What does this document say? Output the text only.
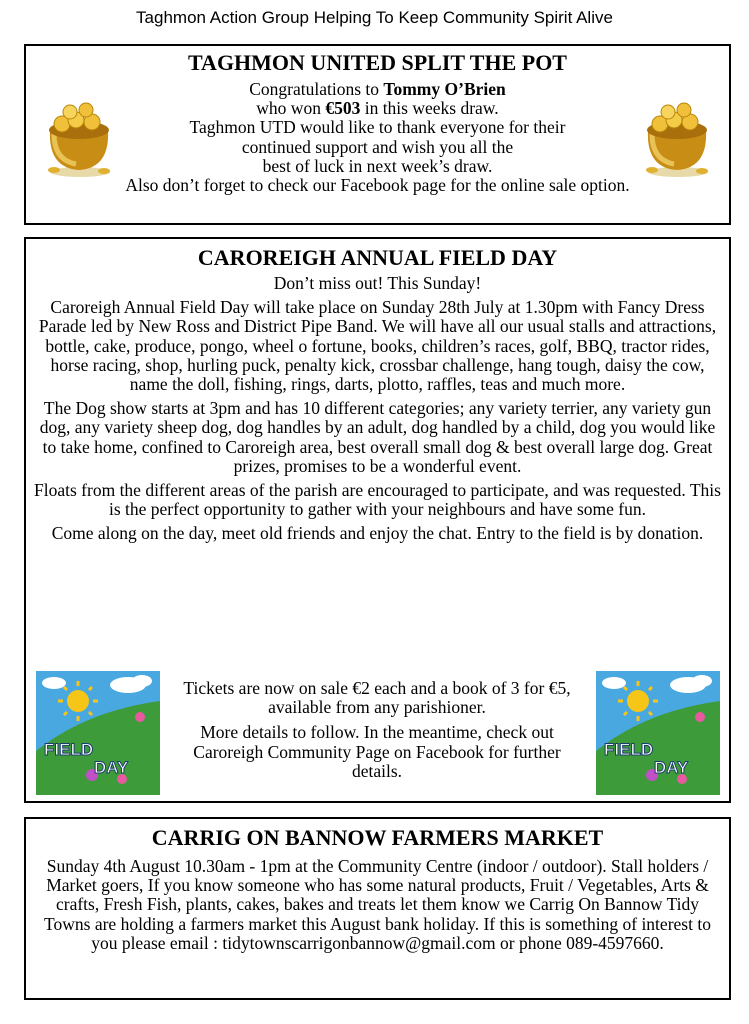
Taghmon Action Group Helping To Keep Community Spirit Alive
TAGHMON UNITED SPLIT THE POT

Congratulations to Tommy O’Brien

who won €503 in this weeks draw.

Taghmon UTD would like to thank everyone for their

continued support and wish you all the

best of luck in next week’s draw.

Also don’t forget to check our Facebook page for the online sale option.

CAROREIGH ANNUAL FIELD DAY

Don’t miss out! This Sunday!

Caroreigh Annual Field Day will take place on Sunday 28th July at 1.30pm with Fancy Dress Parade led by New Ross and District Pipe Band. We will have all our usual stalls and attractions, bottle, cake, produce, pongo, wheel o fortune, books, children’s races, golf, BBQ, tractor rides, horse racing, shop, hurling puck, penalty kick, crossbar challenge, hang tough, daisy the cow, name the doll, fishing, rings, darts, plotto, raffles, teas and much more.

The Dog show starts at 3pm and has 10 different categories; any variety terrier, any variety gun dog, any variety sheep dog, dog handles by an adult, dog handled by a child, dog you would like to take home, confined to Caroreigh area, best overall small dog & best overall large dog. Great prizes, promises to be a wonderful event.

Floats from the different areas of the parish are encouraged to participate, and was requested. This is the perfect opportunity to gather with your neighbours and have some fun.

Come along on the day, meet old friends and enjoy the chat. Entry to the field is by donation.

Tickets are now on sale €2 each and a book of 3 for €5, available from any parishioner.

More details to follow. In the meantime, check out Caroreigh Community Page on Facebook for further details.

FIELD
DAY
FIELD
DAY
CARRIG ON BANNOW FARMERS MARKET

Sunday 4th August 10.30am - 1pm at the Community Centre (indoor / outdoor). Stall holders / Market goers, If you know someone who has some natural products, Fruit / Vegetables, Arts & crafts, Fresh Fish, plants, cakes, bakes and treats let them know we Carrig On Bannow Tidy Towns are holding a farmers market this August bank holiday. If this is something of interest to you please email : tidytownscarrigonbannow@gmail.com or phone 089-4597660.
